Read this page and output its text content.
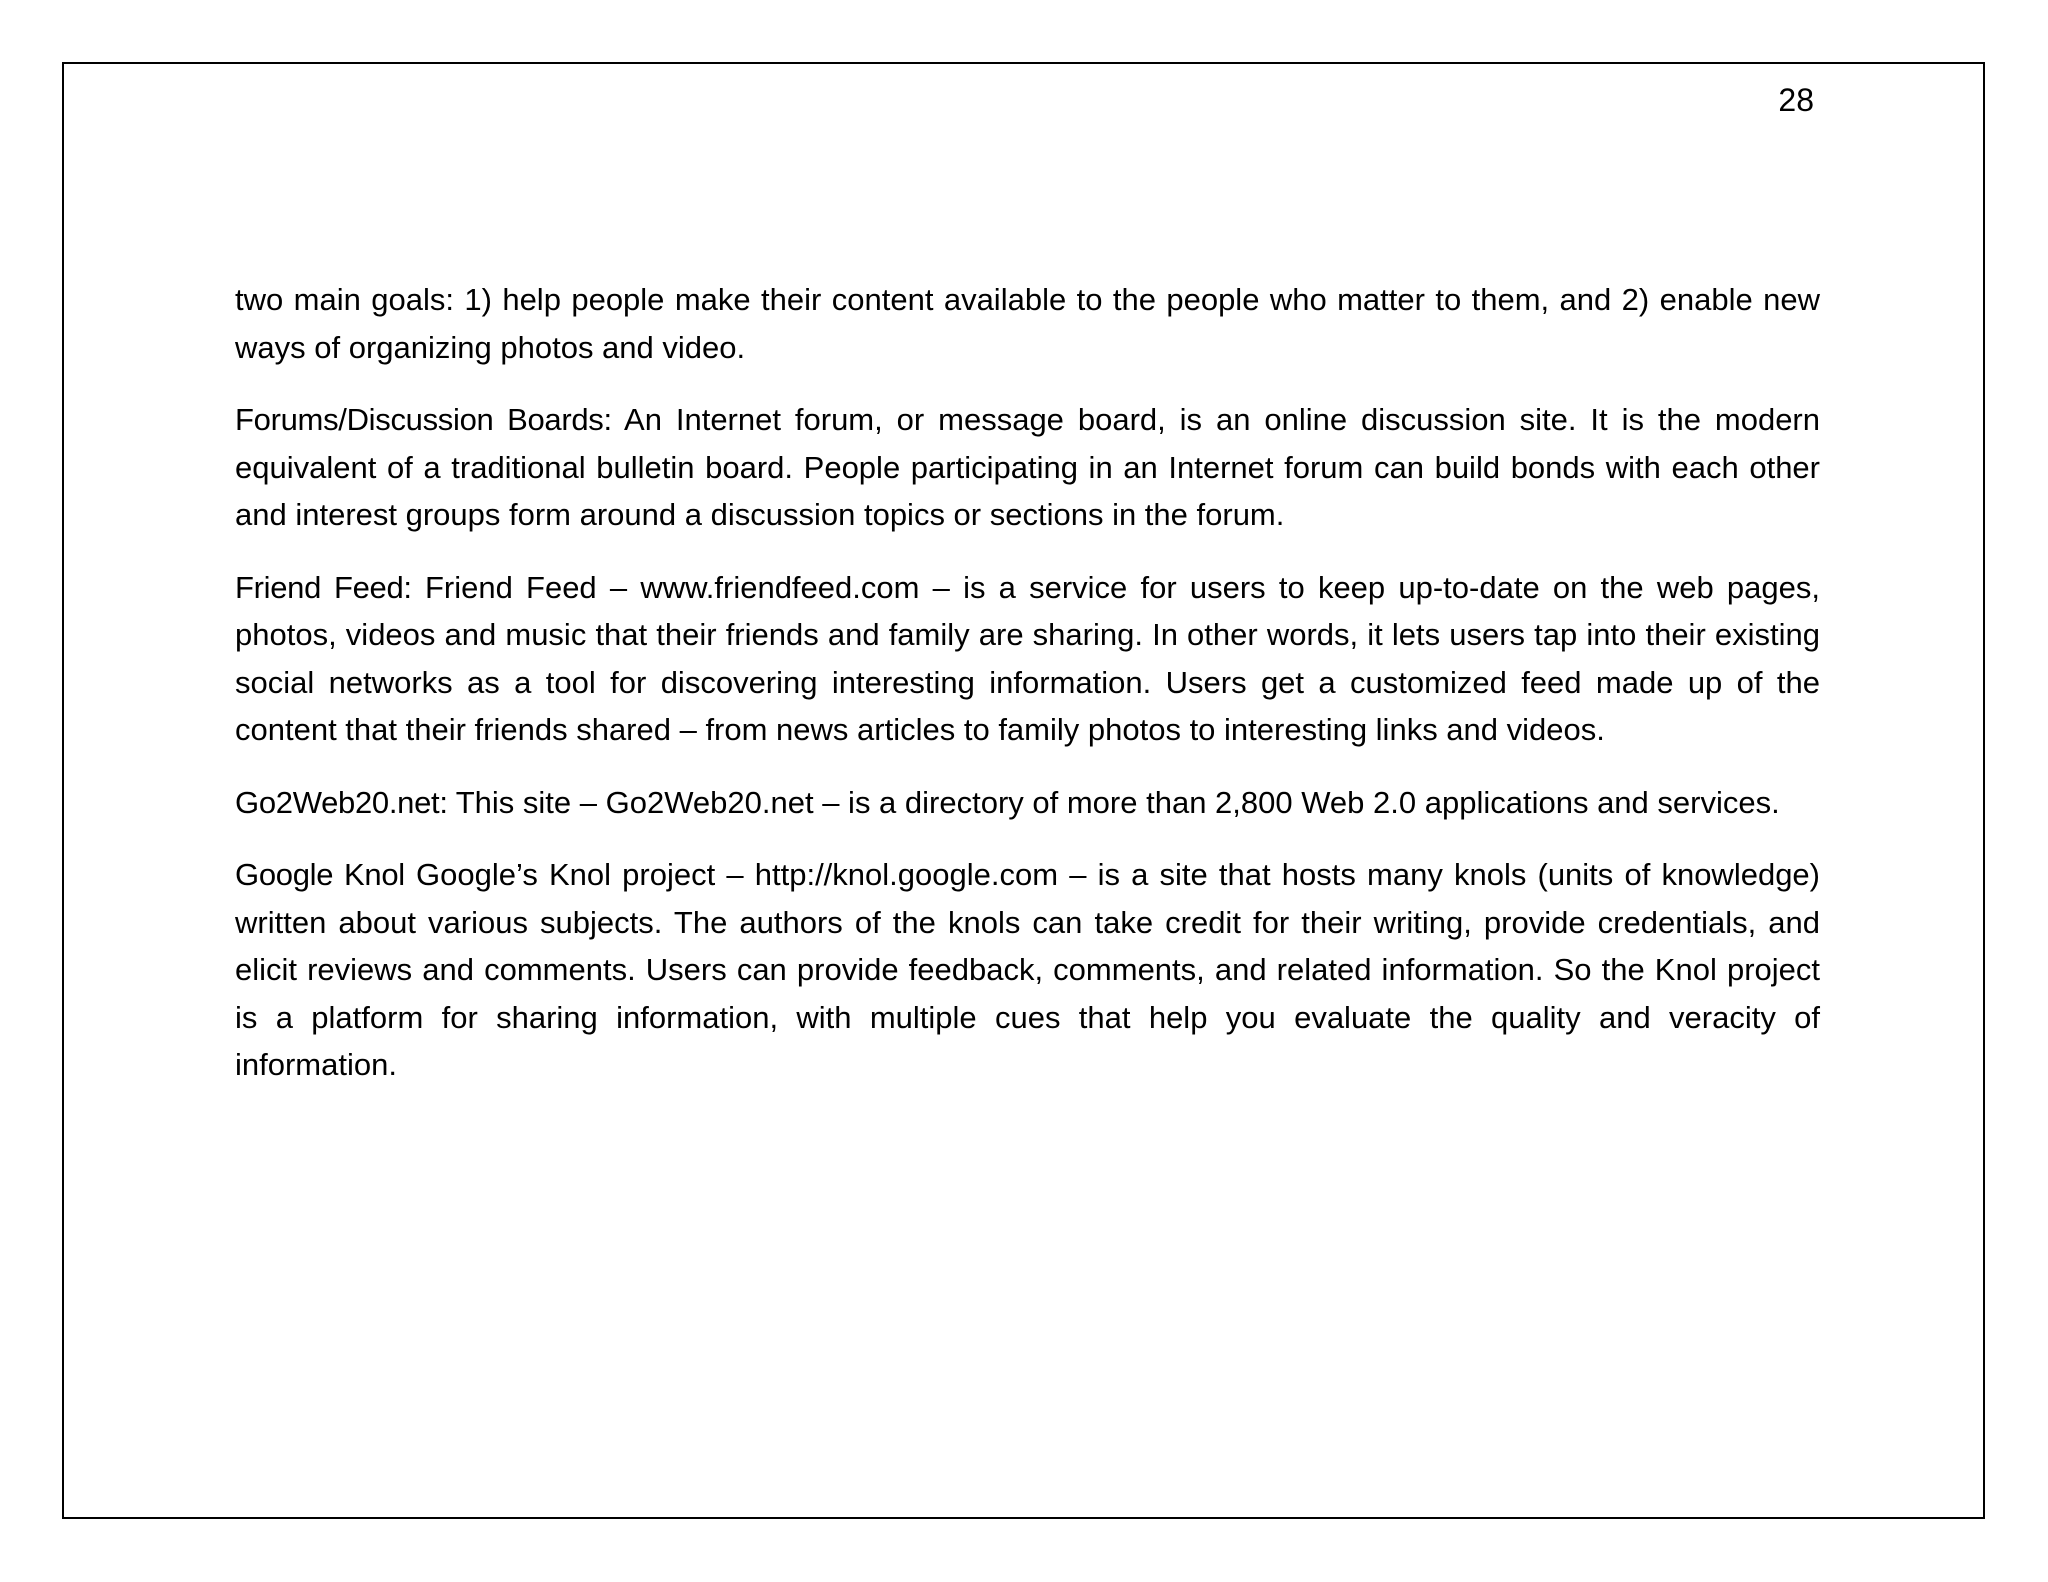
28

two main goals: 1) help people make their content available to the people who matter to them, and 2) enable new ways of organizing photos and video.

Forums/Discussion Boards: An Internet forum, or message board, is an online discussion site. It is the modern equivalent of a traditional bulletin board. People participating in an Internet forum can build bonds with each other and interest groups form around a discussion topics or sections in the forum.

Friend Feed: Friend Feed – www.friendfeed.com – is a service for users to keep up-to-date on the web pages, photos, videos and music that their friends and family are sharing. In other words, it lets users tap into their existing social networks as a tool for discovering interesting information. Users get a customized feed made up of the content that their friends shared – from news articles to family photos to interesting links and videos.

Go2Web20.net: This site – Go2Web20.net – is a directory of more than 2,800 Web 2.0 applications and services.

Google Knol Google’s Knol project – http://knol.google.com – is a site that hosts many knols (units of knowledge) written about various subjects. The authors of the knols can take credit for their writing, provide credentials, and elicit reviews and comments. Users can provide feedback, comments, and related information. So the Knol project is a platform for sharing information, with multiple cues that help you evaluate the quality and veracity of information.
